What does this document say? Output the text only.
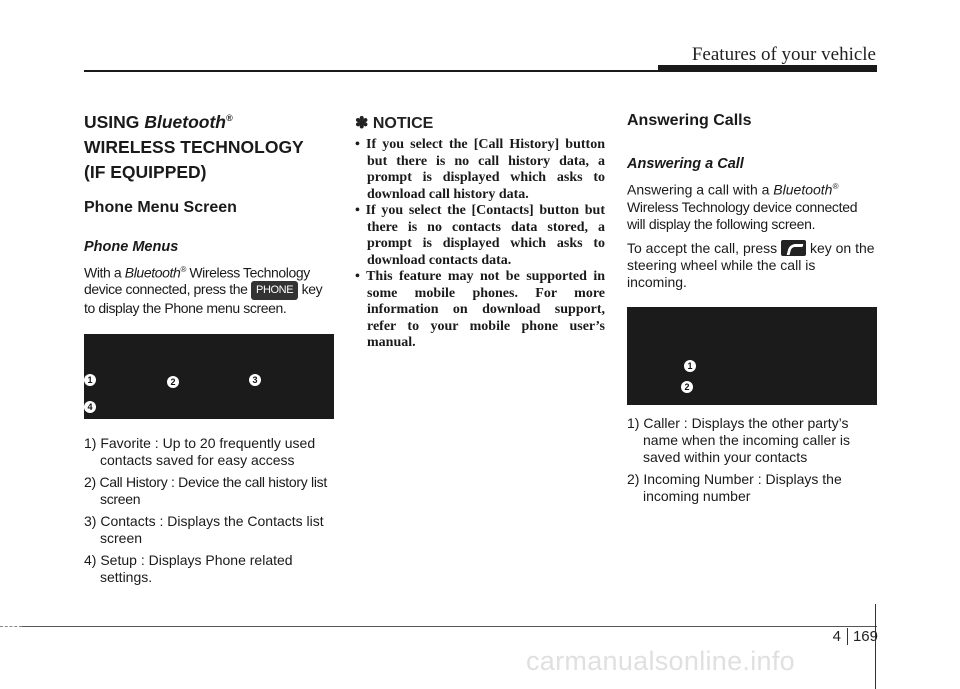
Features of your vehicle
USING Bluetooth®
WIRELESS TECHNOLOGY
(IF EQUIPPED)
Phone Menu Screen
Phone Menus

With a Bluetooth® Wireless Technology device connected, press the PHONE key to display the Phone menu screen.

1	2	3
4
1) Favorite : Up to 20 frequently used contacts saved for easy access
2) Call History : Device the call history list screen
3) Contacts : Displays the Contacts list screen
4) Setup : Displays Phone related settings.
✽ NOTICE
• If you select the [Call History] button but there is no call history data, a prompt is displayed which asks to download call history data.
• If you select the [Contacts] button but there is no contacts data stored, a prompt is displayed which asks to download contacts data.
• This feature may not be supported in some mobile phones. For more information on download support, refer to your mobile phone user’s manual.
Answering Calls
Answering a Call

Answering a call with a Bluetooth® Wireless Technology device connected will display the following screen.

To accept the call, press key on the steering wheel while the call is incoming.

1
2
1) Caller : Displays the other party’s name when the incoming caller is saved within your contacts
2) Incoming Number : Displays the incoming number
4 169
carmanualsonline.info
